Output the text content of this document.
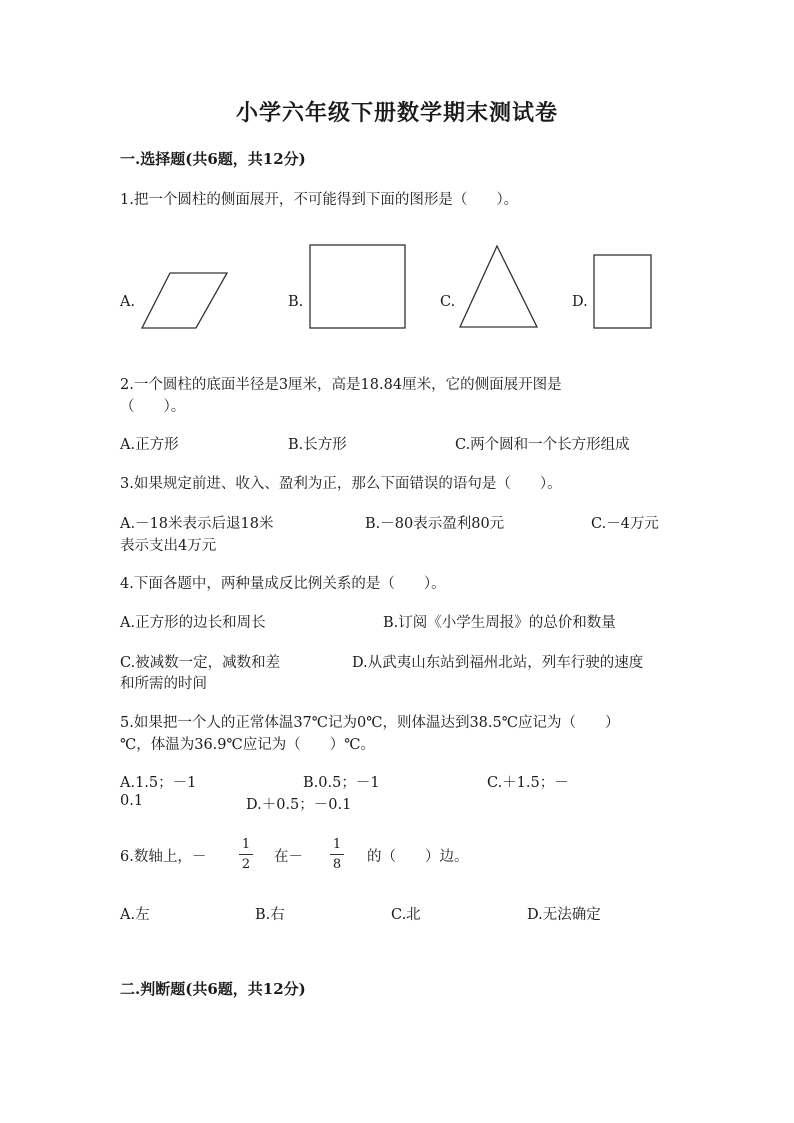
小学六年级下册数学期末测试卷
一.选择题(共6题，共12分)
1.把一个圆柱的侧面展开，不可能得到下面的图形是（　　）。
A.	B.	C.	D.
2.一个圆柱的底面半径是3厘米，高是18.84厘米，它的侧面展开图是
（　　）。
A.正方形	B.长方形	C.两个圆和一个长方形组成
3.如果规定前进、收入、盈利为正，那么下面错误的语句是（　　）。
A.－18米表示后退18米	B.－80表示盈利80元	C.－4万元
表示支出4万元
4.下面各题中，两种量成反比例关系的是（　　）。
A.正方形的边长和周长	B.订阅《小学生周报》的总价和数量
C.被减数一定，减数和差	D.从武夷山东站到福州北站，列车行驶的速度
和所需的时间
5.如果把一个人的正常体温37℃记为0℃，则体温达到38.5℃应记为（　　）
℃，体温为36.9℃应记为（　　）℃。
A.1.5；－1	B.0.5；－1	C.＋1.5；－
0.1	D.＋0.5；－0.1
6.数轴上，－
1
2	在－
1
8	的（　　）边。
A.左	B.右	C.北	D.无法确定
二.判断题(共6题，共12分)
